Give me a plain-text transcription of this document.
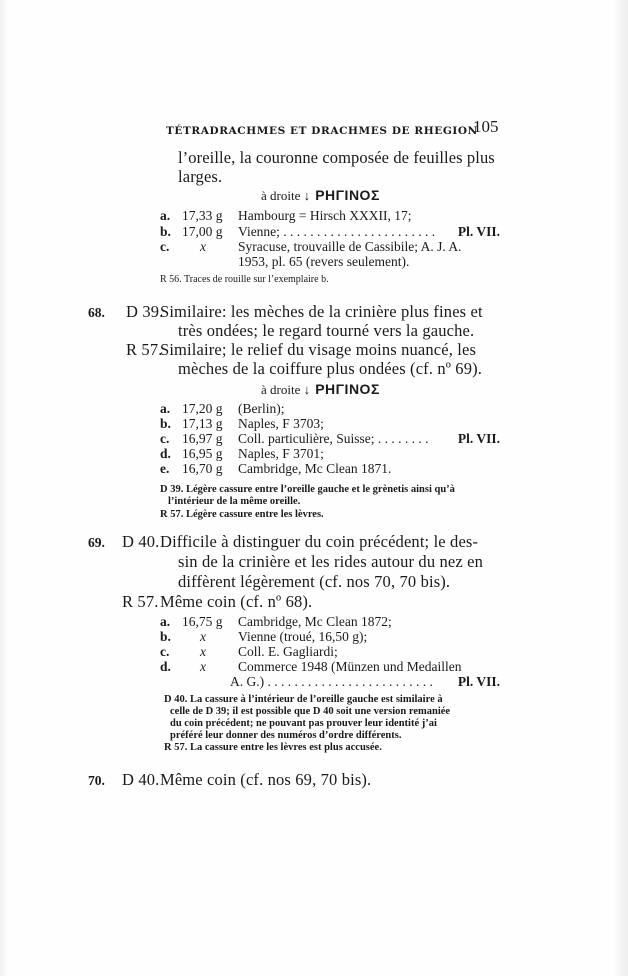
TÉTRADRACHMES ET DRACHMES DE RHEGION
105
l’oreille, la couronne composée de feuilles plus
larges.
à droite ↓ ΡΗΓΙΝΟΣ
a. 17,33 g Hambourg = Hirsch XXXII, 17;
b. 17,00 g Vienne; . . . . . . . . . . . . . . . . . . . . . . . Pl. VII.
c. x Syracuse, trouvaille de Cassibile; A. J. A.
1953, pl. 65 (revers seulement).
R 56. Traces de rouille sur l’exemplaire b.
68. D 39.
Similaire: les mèches de la crinière plus fines et
très ondées; le regard tourné vers la gauche.
R 57.
Similaire; le relief du visage moins nuancé, les
mèches de la coiffure plus ondées (cf. nº 69).
à droite ↓ ΡΗΓΙΝΟΣ
a. 17,20 g (Berlin);
b. 17,13 g Naples, F 3703;
c. 16,97 g Coll. particulière, Suisse; . . . . . . . . Pl. VII.
d. 16,95 g Naples, F 3701;
e. 16,70 g Cambridge, Mc Clean 1871.
D 39. Légère cassure entre l’oreille gauche et le grènetis ainsi qu’à
l’intérieur de la même oreille.
R 57. Légère cassure entre les lèvres.
69. D 40. Difficile à distinguer du coin précédent; le des-
sin de la crinière et les rides autour du nez en
diffèrent légèrement (cf. nos 70, 70 bis).
R 57. Même coin (cf. nº 68).
a. 16,75 g Cambridge, Mc Clean 1872;
b. x Vienne (troué, 16,50 g);
c. x Coll. E. Gagliardi;
d. x Commerce 1948 (Münzen und Medaillen
A. G.) . . . . . . . . . . . . . . . . . . . . . . . . . Pl. VII.
D 40. La cassure à l’intérieur de l’oreille gauche est similaire à
celle de D 39; il est possible que D 40 soit une version remaniée
du coin précédent; ne pouvant pas prouver leur identité j’ai
préféré leur donner des numéros d’ordre différents.
R 57. La cassure entre les lèvres est plus accusée.
70. D 40. Même coin (cf. nos 69, 70 bis).
